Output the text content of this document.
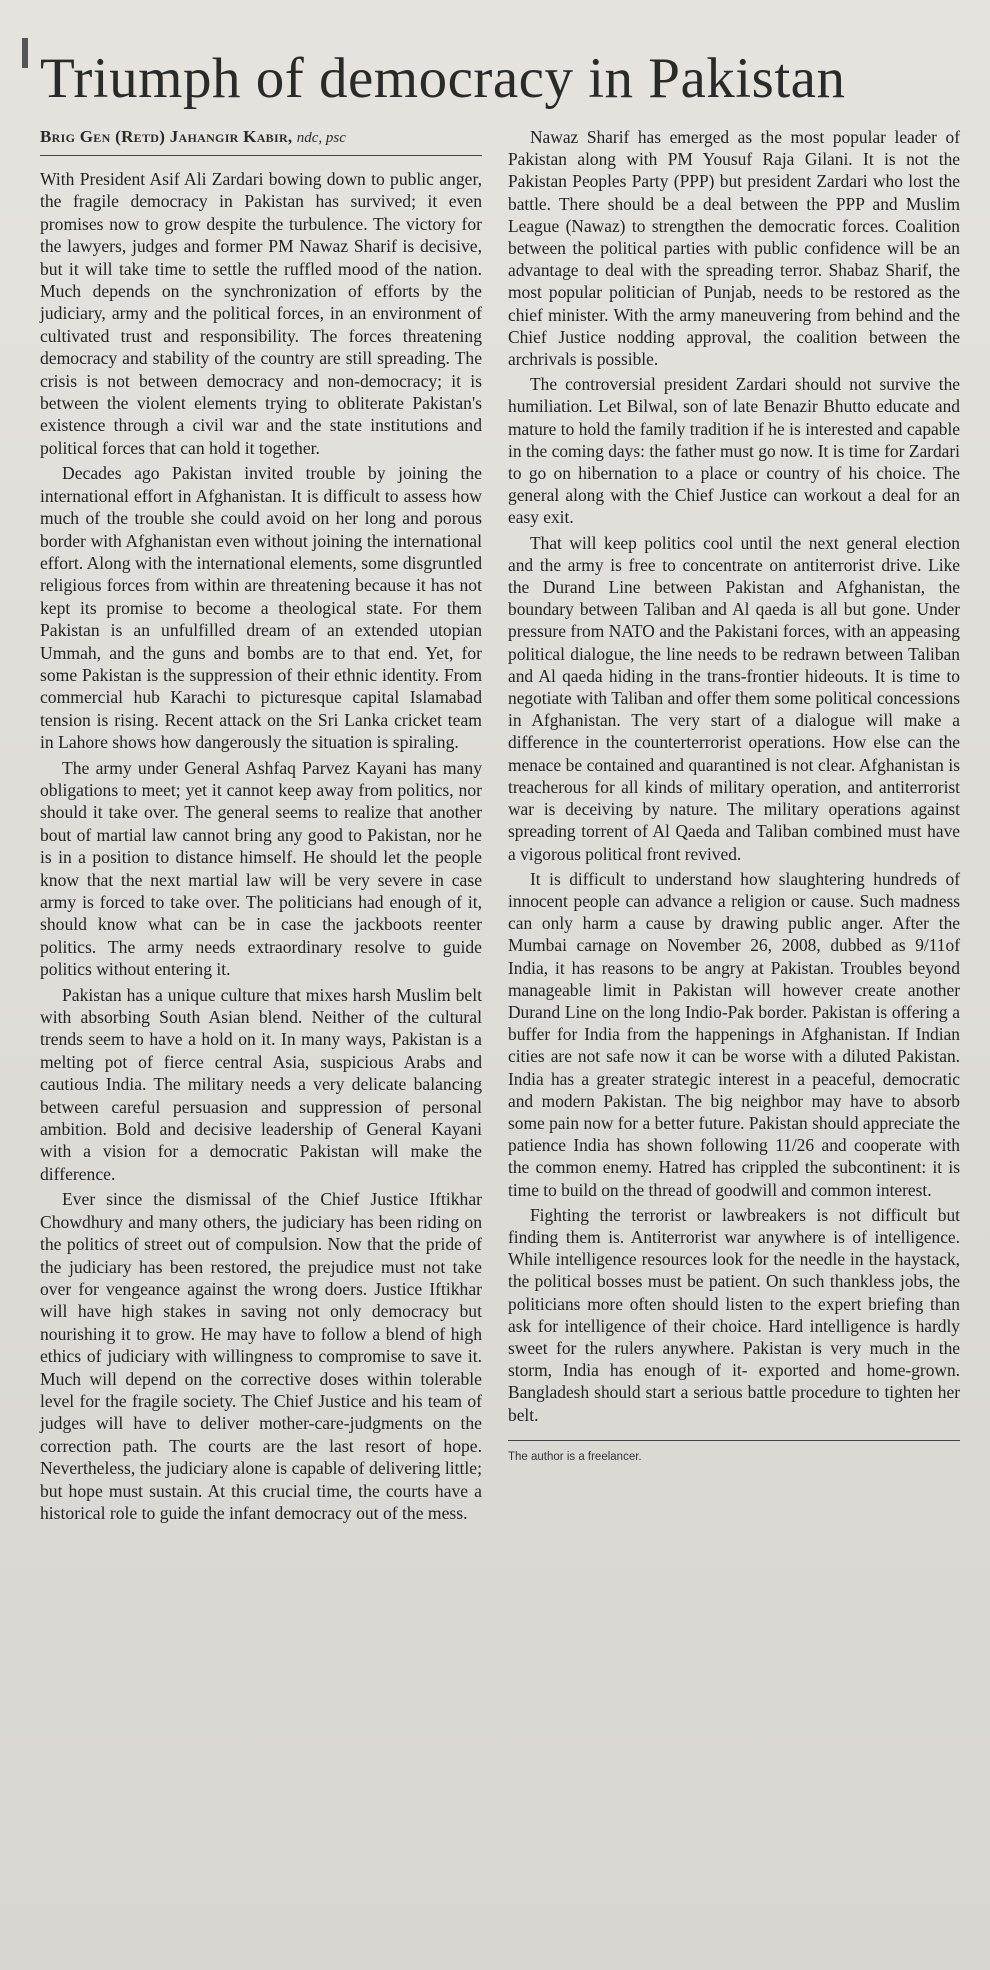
Triumph of democracy in Pakistan
Brig Gen (Retd) Jahangir Kabir, ndc, psc

With President Asif Ali Zardari bowing down to public anger, the fragile democracy in Pakistan has survived; it even promises now to grow despite the turbulence. The victory for the lawyers, judges and former PM Nawaz Sharif is decisive, but it will take time to settle the ruffled mood of the nation. Much depends on the synchronization of efforts by the judiciary, army and the political forces, in an environment of cultivated trust and responsibility. The forces threatening democracy and stability of the country are still spreading. The crisis is not between democracy and non-democracy; it is between the violent elements trying to obliterate Pakistan's existence through a civil war and the state institutions and political forces that can hold it together.

Decades ago Pakistan invited trouble by joining the international effort in Afghanistan. It is difficult to assess how much of the trouble she could avoid on her long and porous border with Afghanistan even without joining the international effort. Along with the international elements, some disgruntled religious forces from within are threatening because it has not kept its promise to become a theological state. For them Pakistan is an unfulfilled dream of an extended utopian Ummah, and the guns and bombs are to that end. Yet, for some Pakistan is the suppression of their ethnic identity. From commercial hub Karachi to picturesque capital Islamabad tension is rising. Recent attack on the Sri Lanka cricket team in Lahore shows how dangerously the situation is spiraling.

The army under General Ashfaq Parvez Kayani has many obligations to meet; yet it cannot keep away from politics, nor should it take over. The general seems to realize that another bout of martial law cannot bring any good to Pakistan, nor he is in a position to distance himself. He should let the people know that the next martial law will be very severe in case army is forced to take over. The politicians had enough of it, should know what can be in case the jackboots reenter politics. The army needs extraordinary resolve to guide politics without entering it.

Pakistan has a unique culture that mixes harsh Muslim belt with absorbing South Asian blend. Neither of the cultural trends seem to have a hold on it. In many ways, Pakistan is a melting pot of fierce central Asia, suspicious Arabs and cautious India. The military needs a very delicate balancing between careful persuasion and suppression of personal ambition. Bold and decisive leadership of General Kayani with a vision for a democratic Pakistan will make the difference.

Ever since the dismissal of the Chief Justice Iftikhar Chowdhury and many others, the judiciary has been riding on the politics of street out of compulsion. Now that the pride of the judiciary has been restored, the prejudice must not take over for vengeance against the wrong doers. Justice Iftikhar will have high stakes in saving not only democracy but nourishing it to grow. He may have to follow a blend of high ethics of judiciary with willingness to compromise to save it. Much will depend on the corrective doses within tolerable level for the fragile society. The Chief Justice and his team of judges will have to deliver mother-care-judgments on the correction path. The courts are the last resort of hope. Nevertheless, the judiciary alone is capable of delivering little; but hope must sustain. At this crucial time, the courts have a historical role to guide the infant democracy out of the mess.

Nawaz Sharif has emerged as the most popular leader of Pakistan along with PM Yousuf Raja Gilani. It is not the Pakistan Peoples Party (PPP) but president Zardari who lost the battle. There should be a deal between the PPP and Muslim League (Nawaz) to strengthen the democratic forces. Coalition between the political parties with public confidence will be an advantage to deal with the spreading terror. Shabaz Sharif, the most popular politician of Punjab, needs to be restored as the chief minister. With the army maneuvering from behind and the Chief Justice nodding approval, the coalition between the archrivals is possible.

The controversial president Zardari should not survive the humiliation. Let Bilwal, son of late Benazir Bhutto educate and mature to hold the family tradition if he is interested and capable in the coming days: the father must go now. It is time for Zardari to go on hibernation to a place or country of his choice. The general along with the Chief Justice can workout a deal for an easy exit.

That will keep politics cool until the next general election and the army is free to concentrate on antiterrorist drive. Like the Durand Line between Pakistan and Afghanistan, the boundary between Taliban and Al qaeda is all but gone. Under pressure from NATO and the Pakistani forces, with an appeasing political dialogue, the line needs to be redrawn between Taliban and Al qaeda hiding in the trans-frontier hideouts. It is time to negotiate with Taliban and offer them some political concessions in Afghanistan. The very start of a dialogue will make a difference in the counterterrorist operations. How else can the menace be contained and quarantined is not clear. Afghanistan is treacherous for all kinds of military operation, and antiterrorist war is deceiving by nature. The military operations against spreading torrent of Al Qaeda and Taliban combined must have a vigorous political front revived.

It is difficult to understand how slaughtering hundreds of innocent people can advance a religion or cause. Such madness can only harm a cause by drawing public anger. After the Mumbai carnage on November 26, 2008, dubbed as 9/11of India, it has reasons to be angry at Pakistan. Troubles beyond manageable limit in Pakistan will however create another Durand Line on the long Indio-Pak border. Pakistan is offering a buffer for India from the happenings in Afghanistan. If Indian cities are not safe now it can be worse with a diluted Pakistan. India has a greater strategic interest in a peaceful, democratic and modern Pakistan. The big neighbor may have to absorb some pain now for a better future. Pakistan should appreciate the patience India has shown following 11/26 and cooperate with the common enemy. Hatred has crippled the subcontinent: it is time to build on the thread of goodwill and common interest.

Fighting the terrorist or lawbreakers is not difficult but finding them is. Antiterrorist war anywhere is of intelligence. While intelligence resources look for the needle in the haystack, the political bosses must be patient. On such thankless jobs, the politicians more often should listen to the expert briefing than ask for intelligence of their choice. Hard intelligence is hardly sweet for the rulers anywhere. Pakistan is very much in the storm, India has enough of it- exported and home-grown. Bangladesh should start a serious battle procedure to tighten her belt.

The author is a freelancer.
